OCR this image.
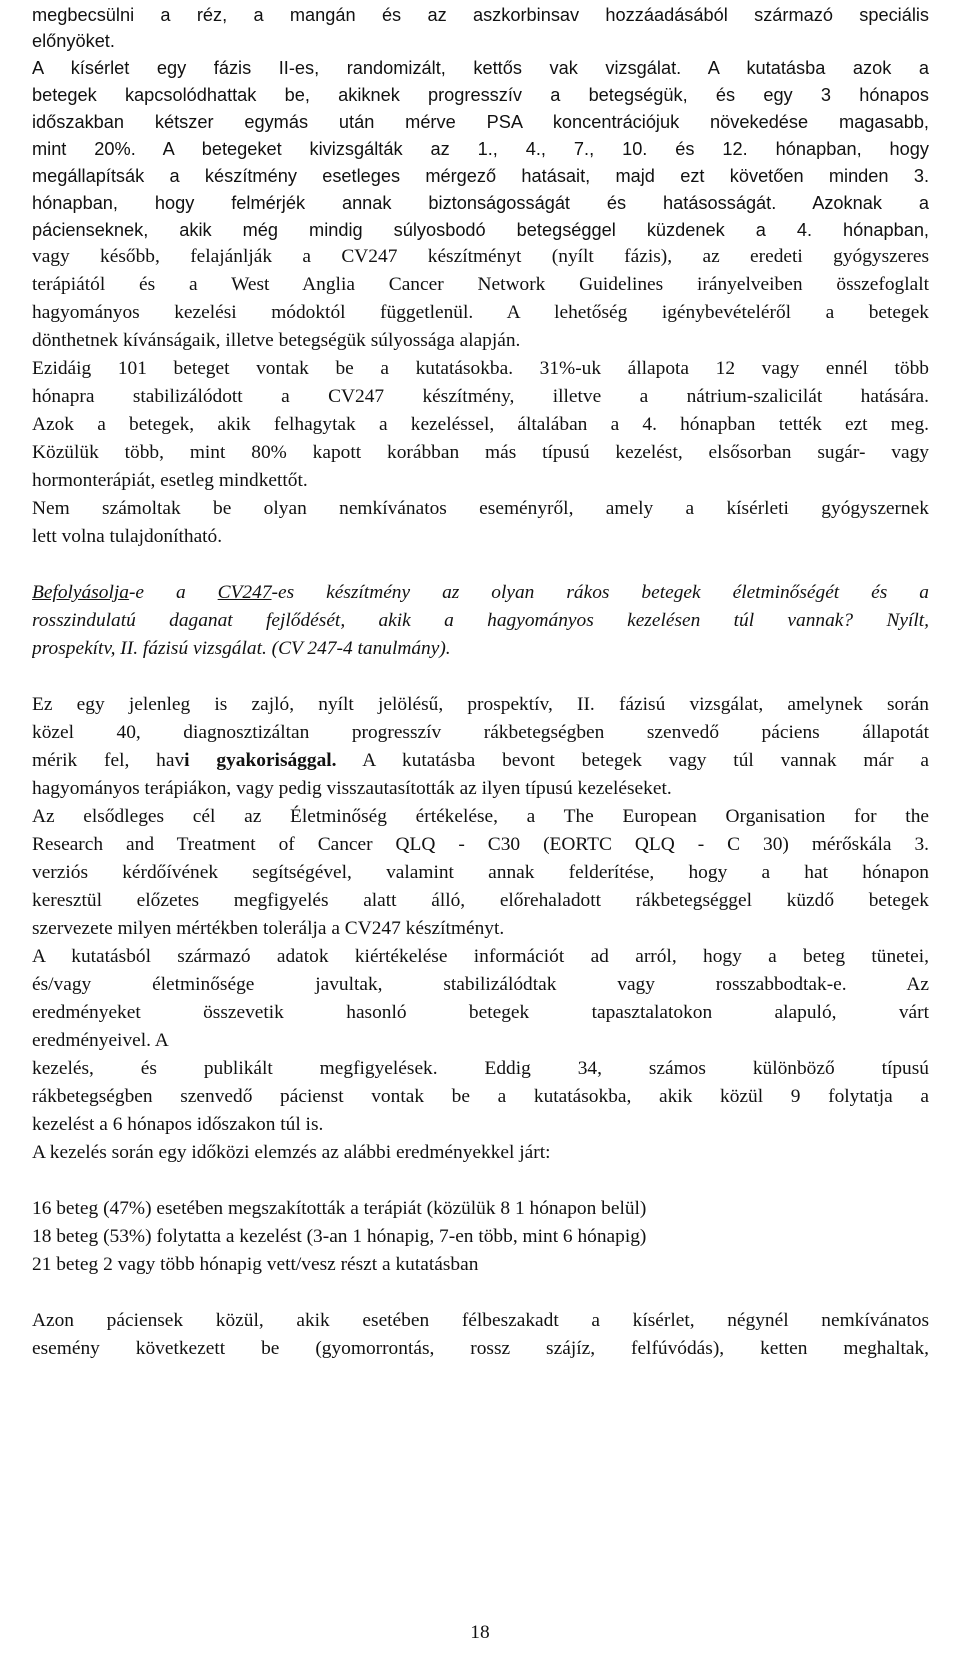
megbecsülni a réz, a mangán és az aszkorbinsav hozzáadásából származó speciális
előnyöket.
A kísérlet egy fázis II-es, randomizált, kettős vak vizsgálat. A kutatásba azok a
betegek kapcsolódhattak be, akiknek progresszív a betegségük, és egy 3 hónapos
időszakban kétszer egymás után mérve PSA koncentrációjuk növekedése magasabb,
mint 20%. A betegeket kivizsgálták az 1., 4., 7., 10. és 12. hónapban, hogy
megállapítsák a készítmény esetleges mérgező hatásait, majd ezt követően minden 3.
hónapban, hogy felmérjék annak biztonságosságát és hatásosságát. Azoknak a
pácienseknek, akik még mindig súlyosbodó betegséggel küzdenek a 4. hónapban,
vagy később, felajánlják a CV247 készítményt (nyílt fázis), az eredeti gyógyszeres
terápiától és a West Anglia Cancer Network Guidelines irányelveiben összefoglalt
hagyományos kezelési módoktól függetlenül. A lehetőség igénybevételéről a betegek
dönthetnek kívánságaik, illetve betegségük súlyossága alapján.
Ezidáig 101 beteget vontak be a kutatásokba. 31%-uk állapota 12 vagy ennél több
hónapra stabilizálódott a CV247 készítmény, illetve a nátrium-szalicilát hatására.
Azok a betegek, akik felhagytak a kezeléssel, általában a 4. hónapban tették ezt meg.
Közülük több, mint 80% kapott korábban más típusú kezelést, elsősorban sugár- vagy
hormonterápiát, esetleg mindkettőt.
Nem számoltak be olyan nemkívánatos eseményről, amely a kísérleti gyógyszernek
lett volna tulajdonítható.
Befolyásolja-e a CV247-es készítmény az olyan rákos betegek életminőségét és a
rosszindulatú daganat fejlődését, akik a hagyományos kezelésen túl vannak? Nyílt,
prospekítv, II. fázisú vizsgálat. (CV 247-4 tanulmány).
Ez egy jelenleg is zajló, nyílt jelölésű, prospektív, II. fázisú vizsgálat, amelynek során
közel 40, diagnosztizáltan progresszív rákbetegségben szenvedő páciens állapotát
mérik fel, havi gyakorisággal. A kutatásba bevont betegek vagy túl vannak már a
hagyományos terápiákon, vagy pedig visszautasították az ilyen típusú kezeléseket.
Az elsődleges cél az Életminőség értékelése, a The European Organisation for the
Research and Treatment of Cancer QLQ - C30 (EORTC QLQ - C 30) mérőskála 3.
verziós kérdőívének segítségével, valamint annak felderítése, hogy a hat hónapon
keresztül előzetes megfigyelés alatt álló, előrehaladott rákbetegséggel küzdő betegek
szervezete milyen mértékben tolerálja a CV247 készítményt.
A kutatásból származó adatok kiértékelése információt ad arról, hogy a beteg tünetei,
és/vagy életminősége javultak, stabilizálódtak vagy rosszabbodtak-e. Az
eredményeket összevetik hasonló betegek tapasztalatokon alapuló, várt
eredményeivel. A
kezelés, és publikált megfigyelések. Eddig 34, számos különböző típusú
rákbetegségben szenvedő pácienst vontak be a kutatásokba, akik közül 9 folytatja a
kezelést a 6 hónapos időszakon túl is.
A kezelés során egy időközi elemzés az alábbi eredményekkel járt:
16 beteg (47%) esetében megszakították a terápiát (közülük 8 1 hónapon belül)
18 beteg (53%) folytatta a kezelést (3-an 1 hónapig, 7-en több, mint 6 hónapig)
21 beteg 2 vagy több hónapig vett/vesz részt a kutatásban
Azon páciensek közül, akik esetében félbeszakadt a kísérlet, négynél nemkívánatos
esemény következett be (gyomorrontás, rossz szájíz, felfúvódás), ketten meghaltak,
18
